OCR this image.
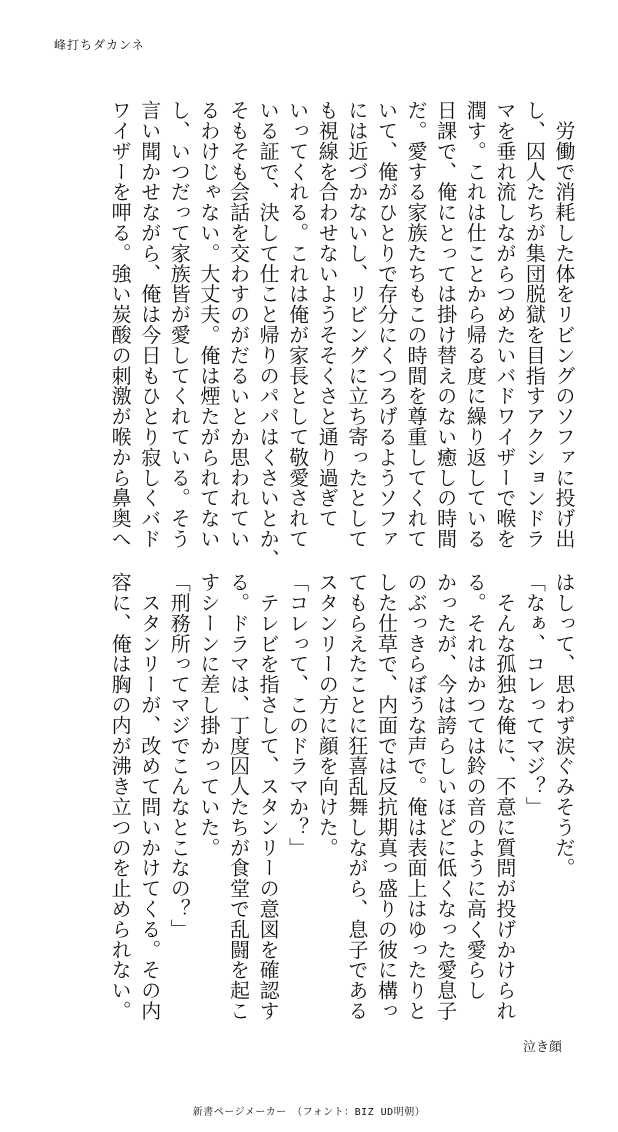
峰打ちダカンネ
　労働で消耗した体をリビングのソファに投げ出
し、囚人たちが集団脱獄を目指すアクションドラ
マを垂れ流しながらつめたいバドワイザーで喉を
潤す。これは仕ことから帰る度に繰り返している
日課で、俺にとっては掛け替えのない癒しの時間
だ。愛する家族たちもこの時間を尊重してくれて
いて、俺がひとりで存分にくつろげるようソファ
には近づかないし、リビングに立ち寄ったとして
も視線を合わせないようそそくさと通り過ぎて
いってくれる。これは俺が家長として敬愛されて
いる証で、決して仕こと帰りのパパはくさいとか、
そもそも会話を交わすのがだるいとか思われてい
るわけじゃない。大丈夫。俺は煙たがられてない
し、いつだって家族皆が愛してくれている。そう
言い聞かせながら、俺は今日もひとり寂しくバド
ワイザーを呷る。強い炭酸の刺激が喉から鼻奥へ
はしって、思わず涙ぐみそうだ。
「なぁ、コレってマジ？」
　そんな孤独な俺に、不意に質問が投げかけられ
る。それはかつては鈴の音のように高く愛らし
かったが、今は誇らしいほどに低くなった愛息子
のぶっきらぼうな声で。俺は表面上はゆったりと
した仕草で、内面では反抗期真っ盛りの彼に構っ
てもらえたことに狂喜乱舞しながら、息子である
スタンリーの方に顔を向けた。
「コレって、このドラマか？」
　テレビを指さして、スタンリーの意図を確認す
る。ドラマは、丁度囚人たちが食堂で乱闘を起こ
すシーンに差し掛かっていた。
「刑務所ってマジでこんなとこなの？」
　スタンリーが、改めて問いかけてくる。その内
容に、俺は胸の内が沸き立つのを止められない。
泣き顔
新書ページメーカー　（フォント：BIZ UD明朝）
